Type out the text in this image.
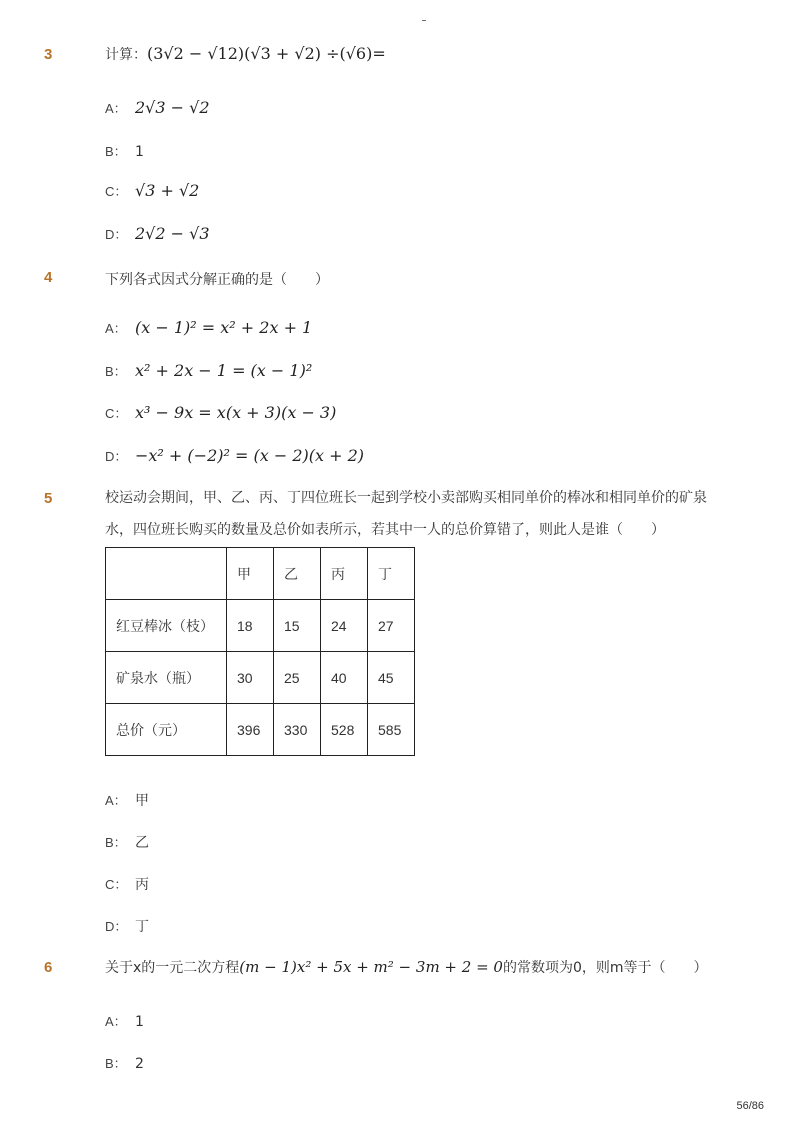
3	计算：(3√2 − √12)(√3 + √2) ÷(√6)=
A： 2√3 − √2
B： 1
C： √3 + √2
D： 2√2 − √3
4	下列各式因式分解正确的是（　　）
A： (x − 1)² = x² + 2x + 1
B： x² + 2x − 1 = (x − 1)²
C： x³ − 9x = x(x + 3)(x − 3)
D： −x² + (−2)² = (x − 2)(x + 2)
5	校运动会期间，甲、乙、丙、丁四位班长一起到学校小卖部购买相同单价的棒冰和相同单价的矿泉水，四位班长购买的数量及总价如表所示，若其中一人的总价算错了，则此人是谁（　　）
	甲	乙	丙	丁
红豆棒冰（枝）	18	15	24	27
矿泉水（瓶）	30	25	40	45
总价（元）	396	330	528	585
A： 甲
B： 乙
C： 丙
D： 丁
6	关于x的一元二次方程(m − 1)x² + 5x + m² − 3m + 2 = 0的常数项为0，则m等于（　　）
A： 1
B： 2
56/86
